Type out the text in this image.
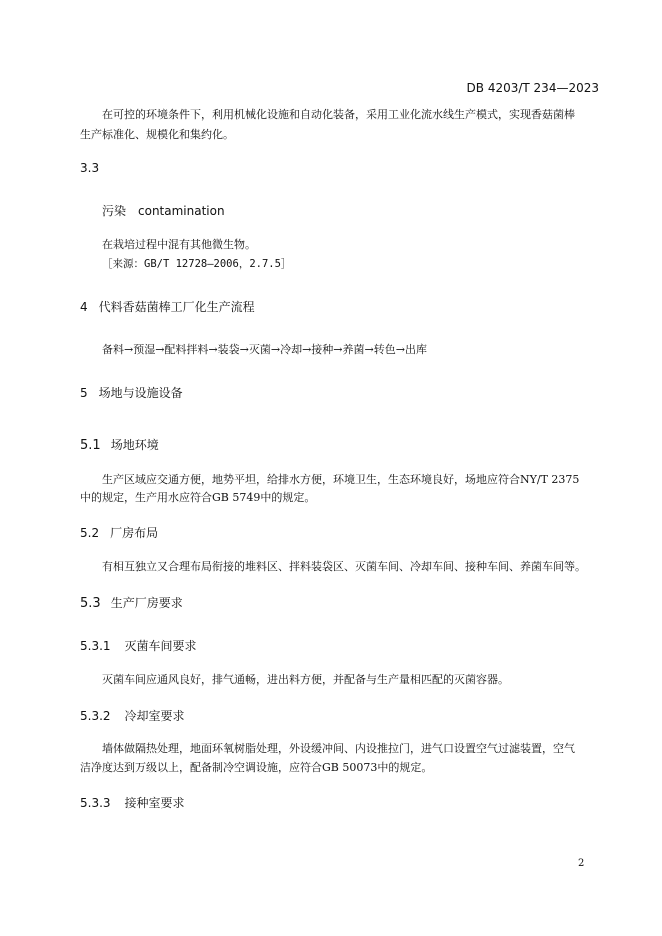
DB 4203/T 234—2023
在可控的环境条件下，利用机械化设施和自动化装备，采用工业化流水线生产模式，实现香菇菌棒
生产标准化、规模化和集约化。
3.3
污染　contamination
在栽培过程中混有其他微生物。
［来源：GB/T 12728—2006，2.7.5］
4 代料香菇菌棒工厂化生产流程
备料→预湿→配料拌料→装袋→灭菌→冷却→接种→养菌→转色→出库
5 场地与设施设备
5.1 场地环境
生产区域应交通方便，地势平坦，给排水方便，环境卫生，生态环境良好，场地应符合NY/T 2375
中的规定，生产用水应符合GB 5749中的规定。
5.2 厂房布局
有相互独立又合理布局衔接的堆料区、拌料装袋区、灭菌车间、冷却车间、接种车间、养菌车间等。
5.3 生产厂房要求
5.3.1 灭菌车间要求
灭菌车间应通风良好，排气通畅，进出料方便，并配备与生产量相匹配的灭菌容器。
5.3.2 冷却室要求
墙体做隔热处理，地面环氧树脂处理，外设缓冲间、内设推拉门，进气口设置空气过滤装置，空气
洁净度达到万级以上，配备制冷空调设施，应符合GB 50073中的规定。
5.3.3 接种室要求
2
